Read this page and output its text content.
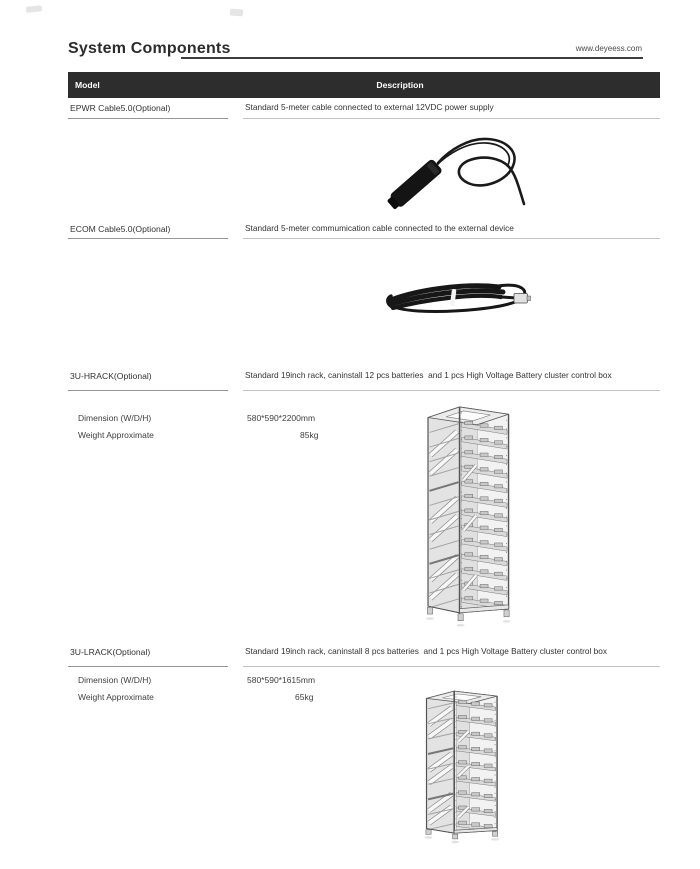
System Components	www.deyeess.com
Model	Description
EPWR Cable5.0(Optional)	Standard 5-meter cable connected to external 12VDC power supply
ECOM Cable5.0(Optional)	Standard 5-meter commumication cable connected to the external device
3U-HRACK(Optional)	Standard 19inch rack, caninstall 12 pcs batteries  and 1 pcs High Voltage Battery cluster control box
Dimension (W/D/H)	580*590*2200mm
Weight Approximate	85kg
3U-LRACK(Optional)	Standard 19inch rack, caninstall 8 pcs batteries  and 1 pcs High Voltage Battery cluster control box
Dimension (W/D/H)	580*590*1615mm
Weight Approximate	65kg
